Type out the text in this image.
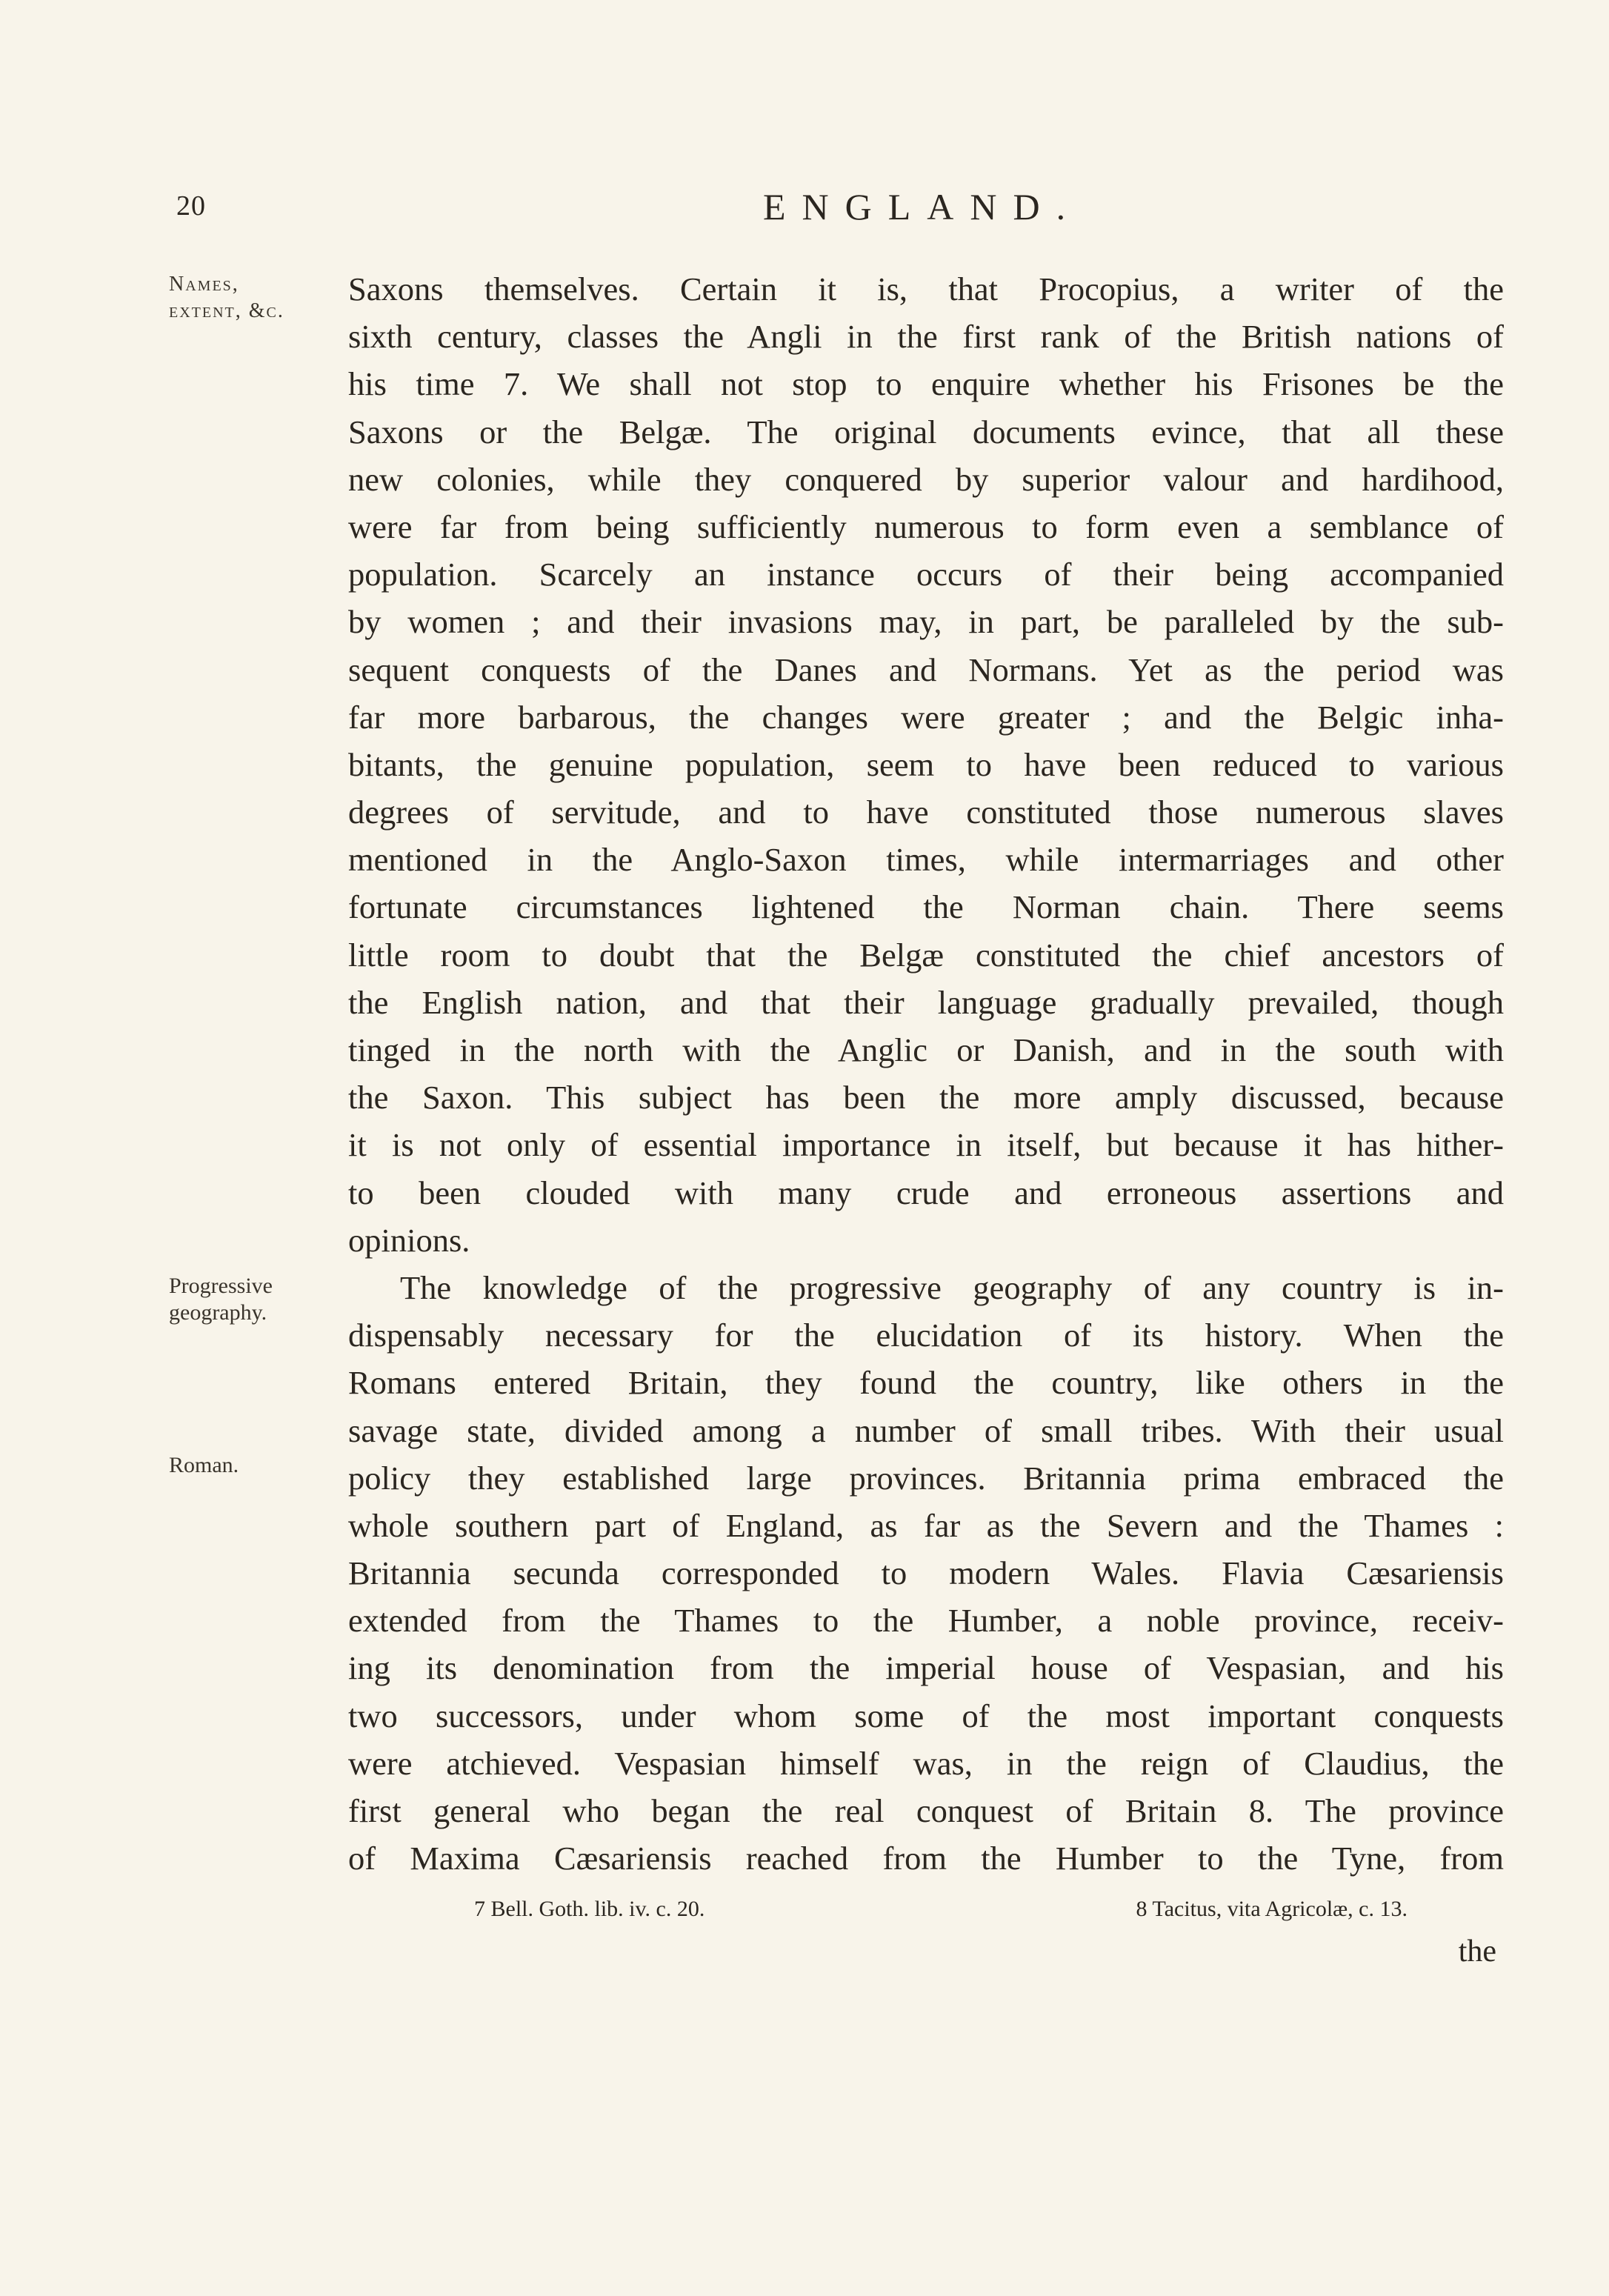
20	ENGLAND.
Names, extent, &c.
Progressive geography.
Roman.
Saxons themselves. Certain it is, that Procopius, a writer of the
sixth century, classes the Angli in the first rank of the British nations of
his time 7. We shall not stop to enquire whether his Frisones be the
Saxons or the Belgæ. The original documents evince, that all these
new colonies, while they conquered by superior valour and hardihood,
were far from being sufficiently numerous to form even a semblance of
population. Scarcely an instance occurs of their being accompanied
by women ; and their invasions may, in part, be paralleled by the sub-
sequent conquests of the Danes and Normans. Yet as the period was
far more barbarous, the changes were greater ; and the Belgic inha-
bitants, the genuine population, seem to have been reduced to various
degrees of servitude, and to have constituted those numerous slaves
mentioned in the Anglo-Saxon times, while intermarriages and other
fortunate circumstances lightened the Norman chain. There seems
little room to doubt that the Belgæ constituted the chief ancestors of
the English nation, and that their language gradually prevailed, though
tinged in the north with the Anglic or Danish, and in the south with
the Saxon. This subject has been the more amply discussed, because
it is not only of essential importance in itself, but because it has hither-
to been clouded with many crude and erroneous assertions and
opinions.
The knowledge of the progressive geography of any country is in-
dispensably necessary for the elucidation of its history. When the
Romans entered Britain, they found the country, like others in the
savage state, divided among a number of small tribes. With their usual
policy they established large provinces. Britannia prima embraced the
whole southern part of England, as far as the Severn and the Thames :
Britannia secunda corresponded to modern Wales. Flavia Cæsariensis
extended from the Thames to the Humber, a noble province, receiv-
ing its denomination from the imperial house of Vespasian, and his
two successors, under whom some of the most important conquests
were atchieved. Vespasian himself was, in the reign of Claudius, the
first general who began the real conquest of Britain 8. The province
of Maxima Cæsariensis reached from the Humber to the Tyne, from
7 Bell. Goth. lib. iv. c. 20.	8 Tacitus, vita Agricolæ, c. 13.
the
